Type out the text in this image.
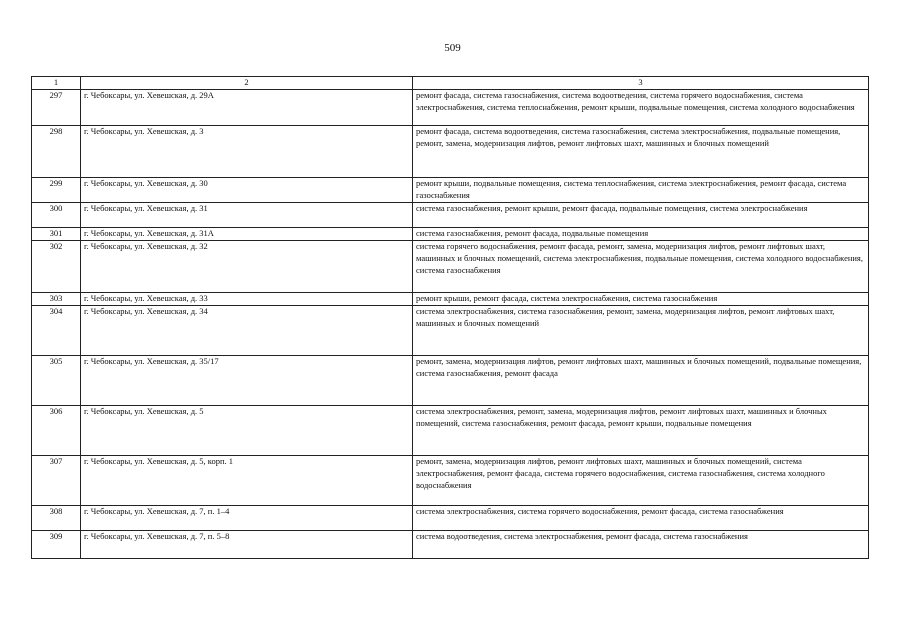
509
1	2	3
297	г. Чебоксары, ул. Хевешская, д. 29А	ремонт фасада, система газоснабжения, система водоотведения, система горячего водоснабжения, система электроснабжения, система теплоснабжения, ремонт крыши, подвальные помещения, система холодного водоснабжения
298	г. Чебоксары, ул. Хевешская, д. 3	ремонт фасада, система водоотведения, система газоснабжения, система электроснабжения, подвальные помещения, ремонт, замена, модернизация лифтов, ремонт лифтовых шахт, машинных и блочных помещений
299	г. Чебоксары, ул. Хевешская, д. 30	ремонт крыши, подвальные помещения, система теплоснабжения, система электроснабжения, ремонт фасада, система газоснабжения
300	г. Чебоксары, ул. Хевешская, д. 31	система газоснабжения, ремонт крыши, ремонт фасада, подвальные помещения, система электроснабжения
301	г. Чебоксары, ул. Хевешская, д. 31А	система газоснабжения, ремонт фасада, подвальные помещения
302	г. Чебоксары, ул. Хевешская, д. 32	система горячего водоснабжения, ремонт фасада, ремонт, замена, модернизация лифтов, ремонт лифтовых шахт, машинных и блочных помещений, система электроснабжения, подвальные помещения, система холодного водоснабжения, система газоснабжения
303	г. Чебоксары, ул. Хевешская, д. 33	ремонт крыши, ремонт фасада, система электроснабжения, система газоснабжения
304	г. Чебоксары, ул. Хевешская, д. 34	система электроснабжения, система газоснабжения, ремонт, замена, модернизация лифтов, ремонт лифтовых шахт, машинных и блочных помещений
305	г. Чебоксары, ул. Хевешская, д. 35/17	ремонт, замена, модернизация лифтов, ремонт лифтовых шахт, машинных и блочных помещений, подвальные помещения, система газоснабжения, ремонт фасада
306	г. Чебоксары, ул. Хевешская, д. 5	система электроснабжения, ремонт, замена, модернизация лифтов, ремонт лифтовых шахт, машинных и блочных помещений, система газоснабжения, ремонт фасада, ремонт крыши, подвальные помещения
307	г. Чебоксары, ул. Хевешская, д. 5, корп. 1	ремонт, замена, модернизация лифтов, ремонт лифтовых шахт, машинных и блочных помещений, система электроснабжения, ремонт фасада, система горячего водоснабжения, система газоснабжения, система холодного водоснабжения
308	г. Чебоксары, ул. Хевешская, д. 7, п. 1–4	система электроснабжения, система горячего водоснабжения, ремонт фасада, система газоснабжения
309	г. Чебоксары, ул. Хевешская, д. 7, п. 5–8	система водоотведения, система электроснабжения, ремонт фасада, система газоснабжения
